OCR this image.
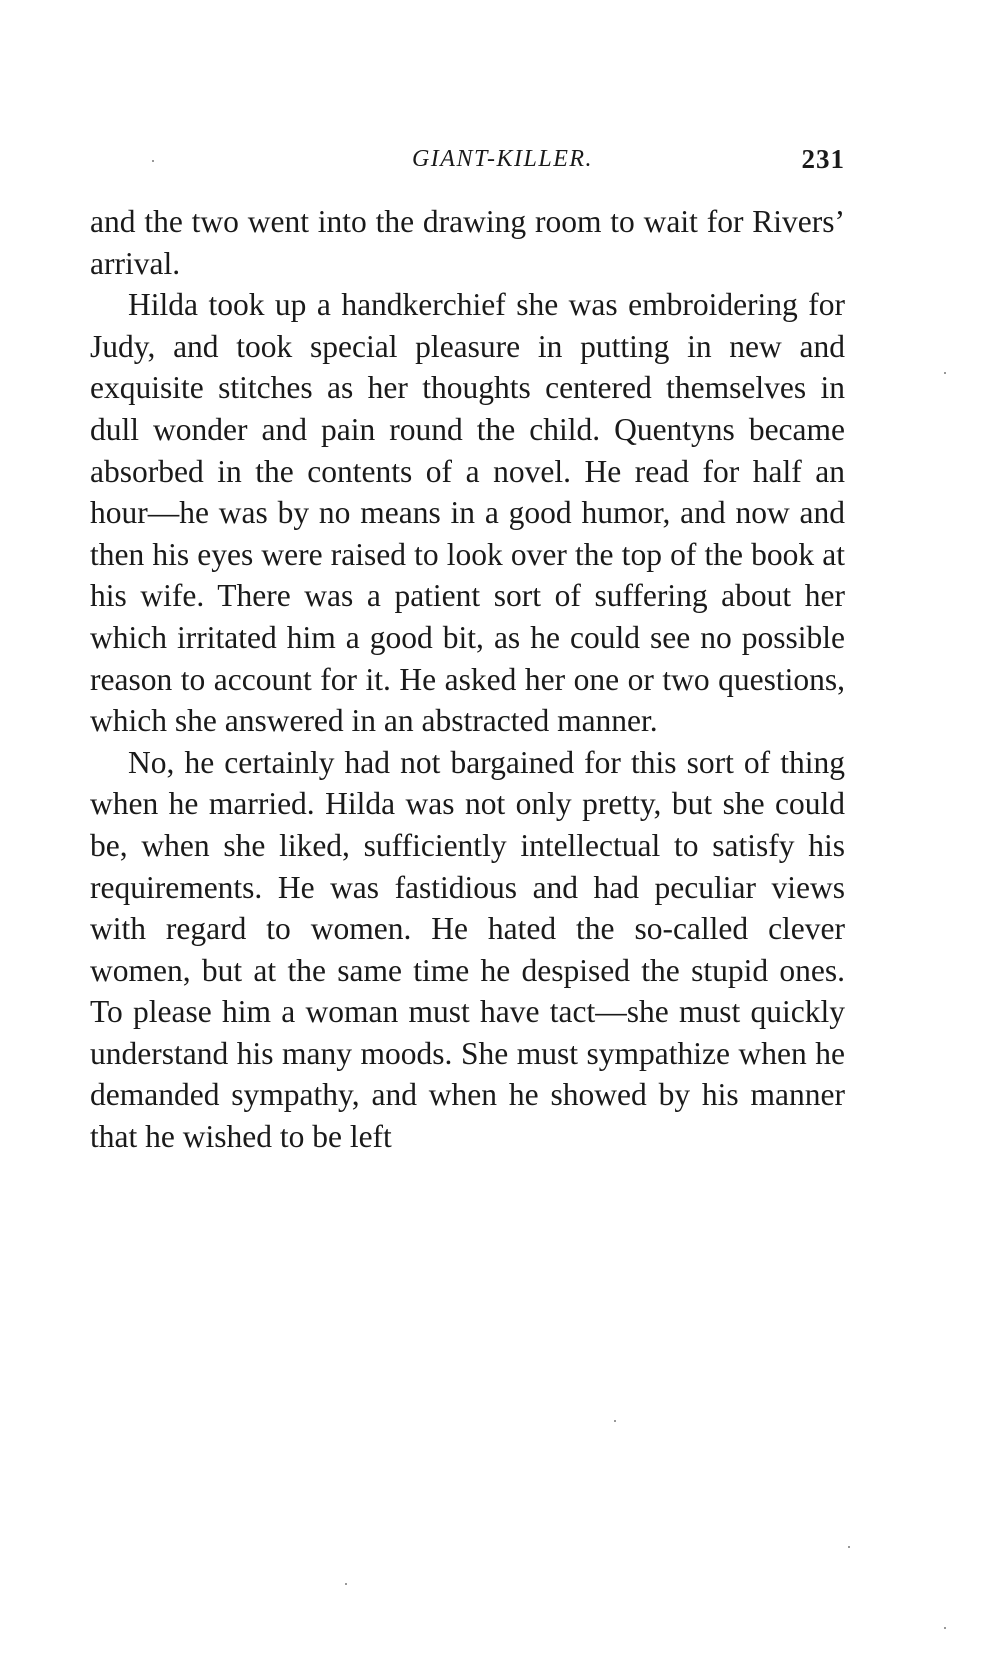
GIANT-KILLER.	231

and the two went into the drawing room to wait for Rivers’ arrival.

Hilda took up a handkerchief she was embroidering for Judy, and took special pleasure in putting in new and exquisite stitches as her thoughts centered themselves in dull wonder and pain round the child. Quentyns became absorbed in the contents of a novel. He read for half an hour—he was by no means in a good humor, and now and then his eyes were raised to look over the top of the book at his wife. There was a patient sort of suffering about her which irritated him a good bit, as he could see no possible reason to account for it. He asked her one or two questions, which she answered in an abstracted manner.

No, he certainly had not bargained for this sort of thing when he married. Hilda was not only pretty, but she could be, when she liked, sufficiently intellectual to satisfy his requirements. He was fastidious and had peculiar views with regard to women. He hated the so-called clever women, but at the same time he despised the stupid ones. To please him a woman must have tact—she must quickly understand his many moods. She must sympathize when he demanded sympathy, and when he showed by his manner that he wished to be left
